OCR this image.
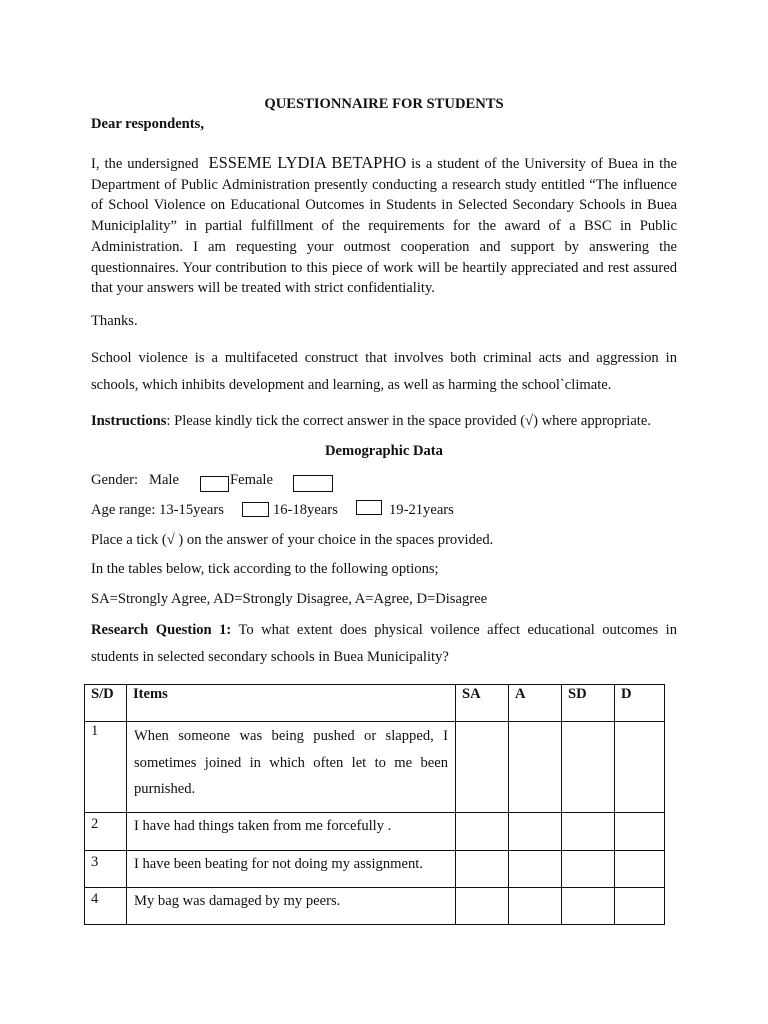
QUESTIONNAIRE FOR STUDENTS
Dear respondents,
I, the undersigned ESSEME LYDIA BETAPHO is a student of the University of Buea in the Department of Public Administration presently conducting a research study entitled “The influence of School Violence on Educational Outcomes in Students in Selected Secondary Schools in Buea Municiplality” in partial fulfillment of the requirements for the award of a BSC in Public Administration. I am requesting your outmost cooperation and support by answering the questionnaires. Your contribution to this piece of work will be heartily appreciated and rest assured that your answers will be treated with strict confidentiality.
Thanks.
School violence is a multifaceted construct that involves both criminal acts and aggression in schools, which inhibits development and learning, as well as harming the school`climate.
Instructions: Please kindly tick the correct answer in the space provided (√) where appropriate.
Demographic Data
Gender: Male	Female
Age range: 13-15years	16-18years	19-21years
Place a tick (√ ) on the answer of your choice in the spaces provided.
In the tables below, tick according to the following options;
SA=Strongly Agree, AD=Strongly Disagree, A=Agree, D=Disagree
Research Question 1: To what extent does physical voilence affect educational outcomes in students in selected secondary schools in Buea Municipality?
S/D	Items	SA	A	SD	D
1	When someone was being pushed or slapped, I sometimes joined in which often let to me been purnished.				
2	I have had things taken from me forcefully .				
3	I have been beating for not doing my assignment.				
4	My bag was damaged by my peers.				
